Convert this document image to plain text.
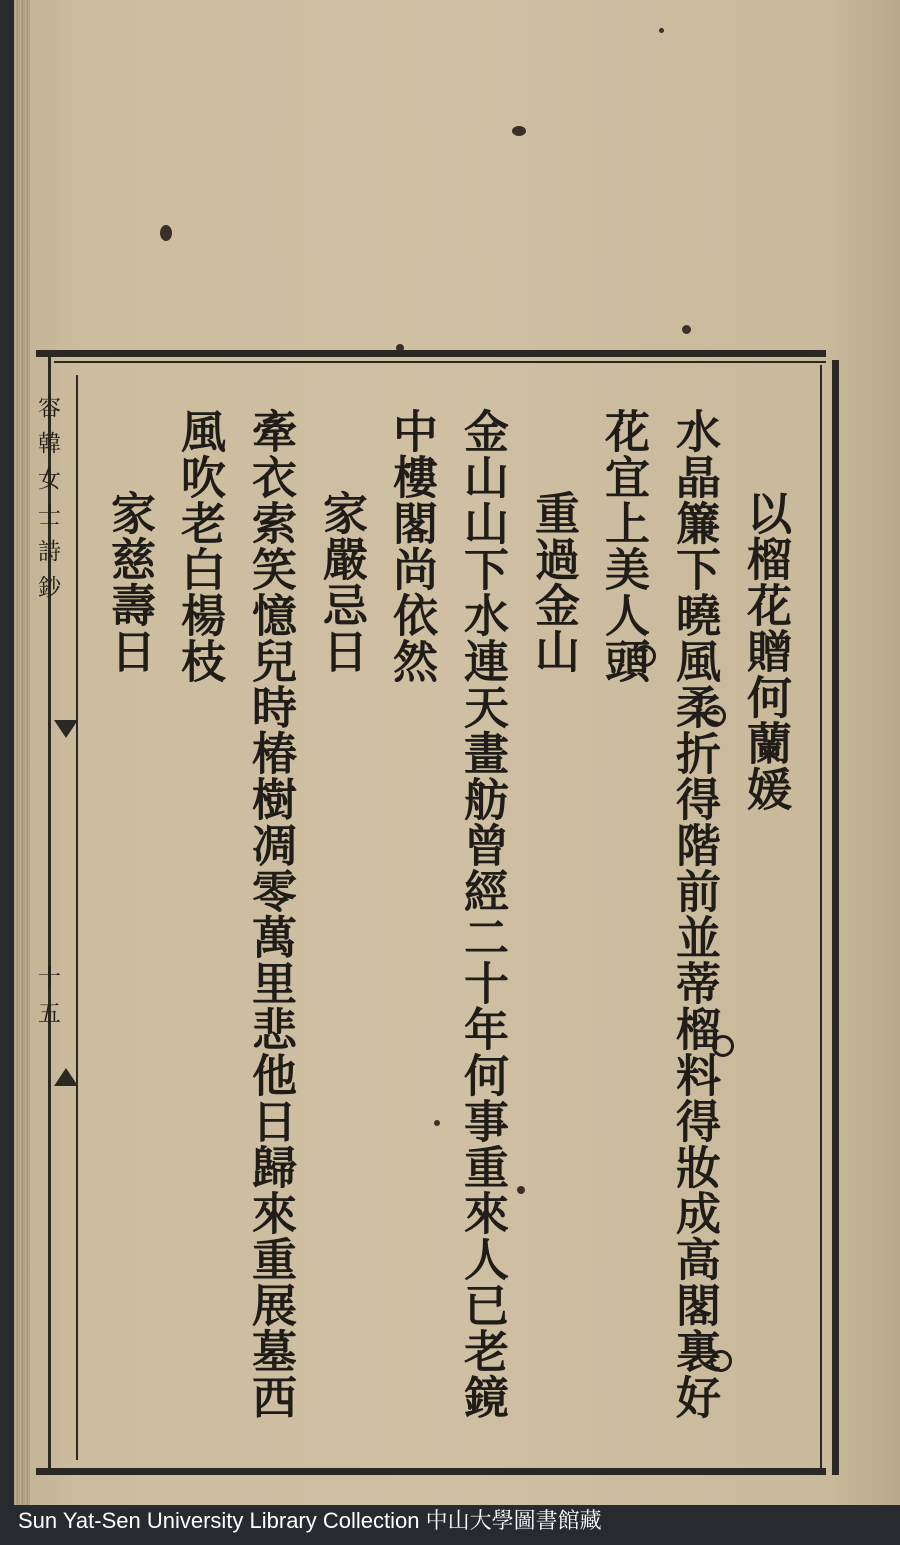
容韓女士詩鈔
十五
以榴花贈何蘭媛
水晶簾下曉風柔折得階前並蒂榴料得妝成高閣裏好
花宜上美人頭
重過金山
金山山下水連天畫舫曾經二十年何事重來人已老鏡
中樓閣尚依然
家嚴忌日
牽衣索笑憶兒時椿樹凋零萬里悲他日歸來重展墓西
風吹老白楊枝
家慈壽日
Sun Yat-Sen University Library Collection 中山大學圖書館藏
